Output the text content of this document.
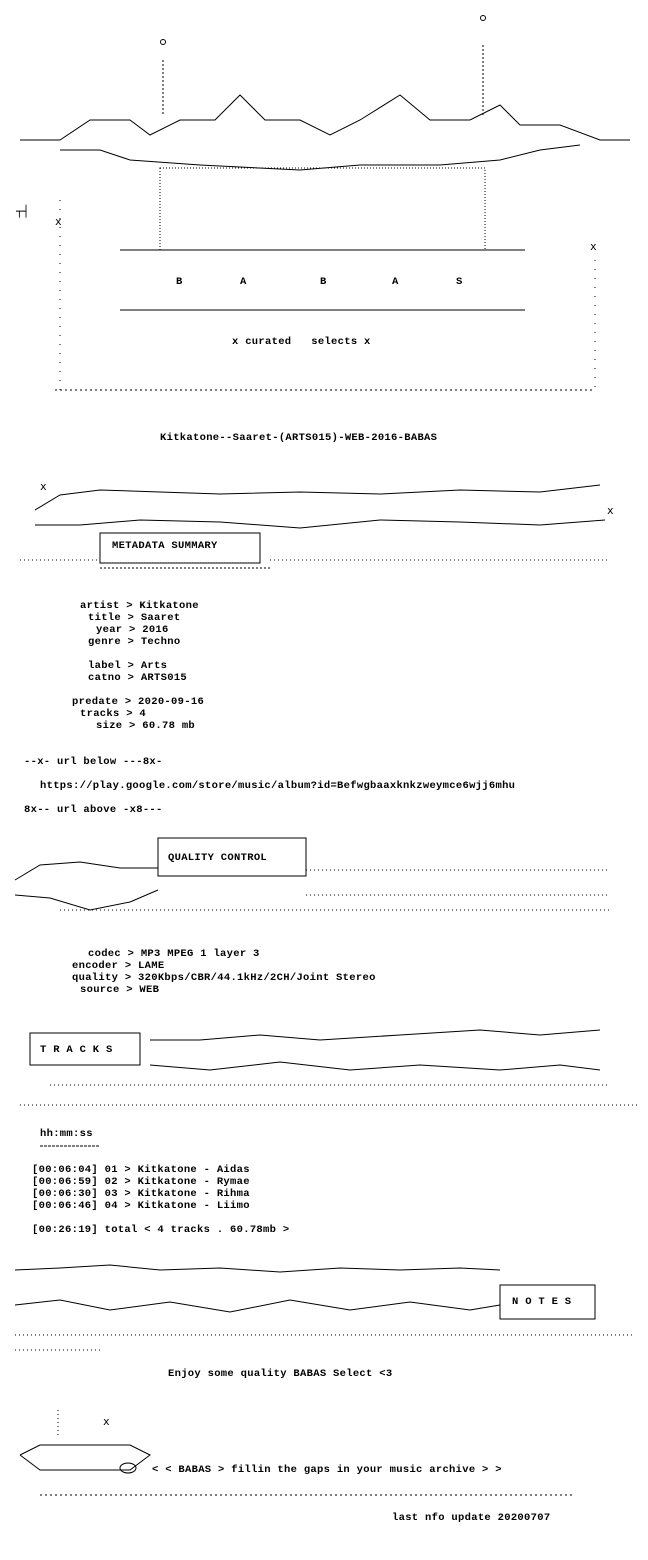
┬┤
x
x
x
x
x
B	A	B	A	S
x curated   selects x
Kitkatone--Saaret-(ARTS015)-WEB-2016-BABAS
METADATA SUMMARY
artist > Kitkatone
title > Saaret
year > 2016
genre > Techno
label > Arts
catno > ARTS015
predate > 2020-09-16
tracks > 4
size > 60.78 mb
--x- url below ---8x-
https://play.google.com/store/music/album?id=Befwgbaaxknkzweymce6wjj6mhu
8x-- url above -x8---
QUALITY CONTROL
codec > MP3 MPEG 1 layer 3
encoder > LAME
quality > 320Kbps/CBR/44.1kHz/2CH/Joint Stereo
source > WEB
T R A C K S
hh:mm:ss
[00:06:04] 01 > Kitkatone - Aidas
[00:06:59] 02 > Kitkatone - Rymae
[00:06:30] 03 > Kitkatone - Rihma
[00:06:46] 04 > Kitkatone - Liimo
[00:26:19] total < 4 tracks . 60.78mb >
N O T E S
Enjoy some quality BABAS Select <3
< < BABAS > fillin the gaps in your music archive > >
last nfo update 20200707
